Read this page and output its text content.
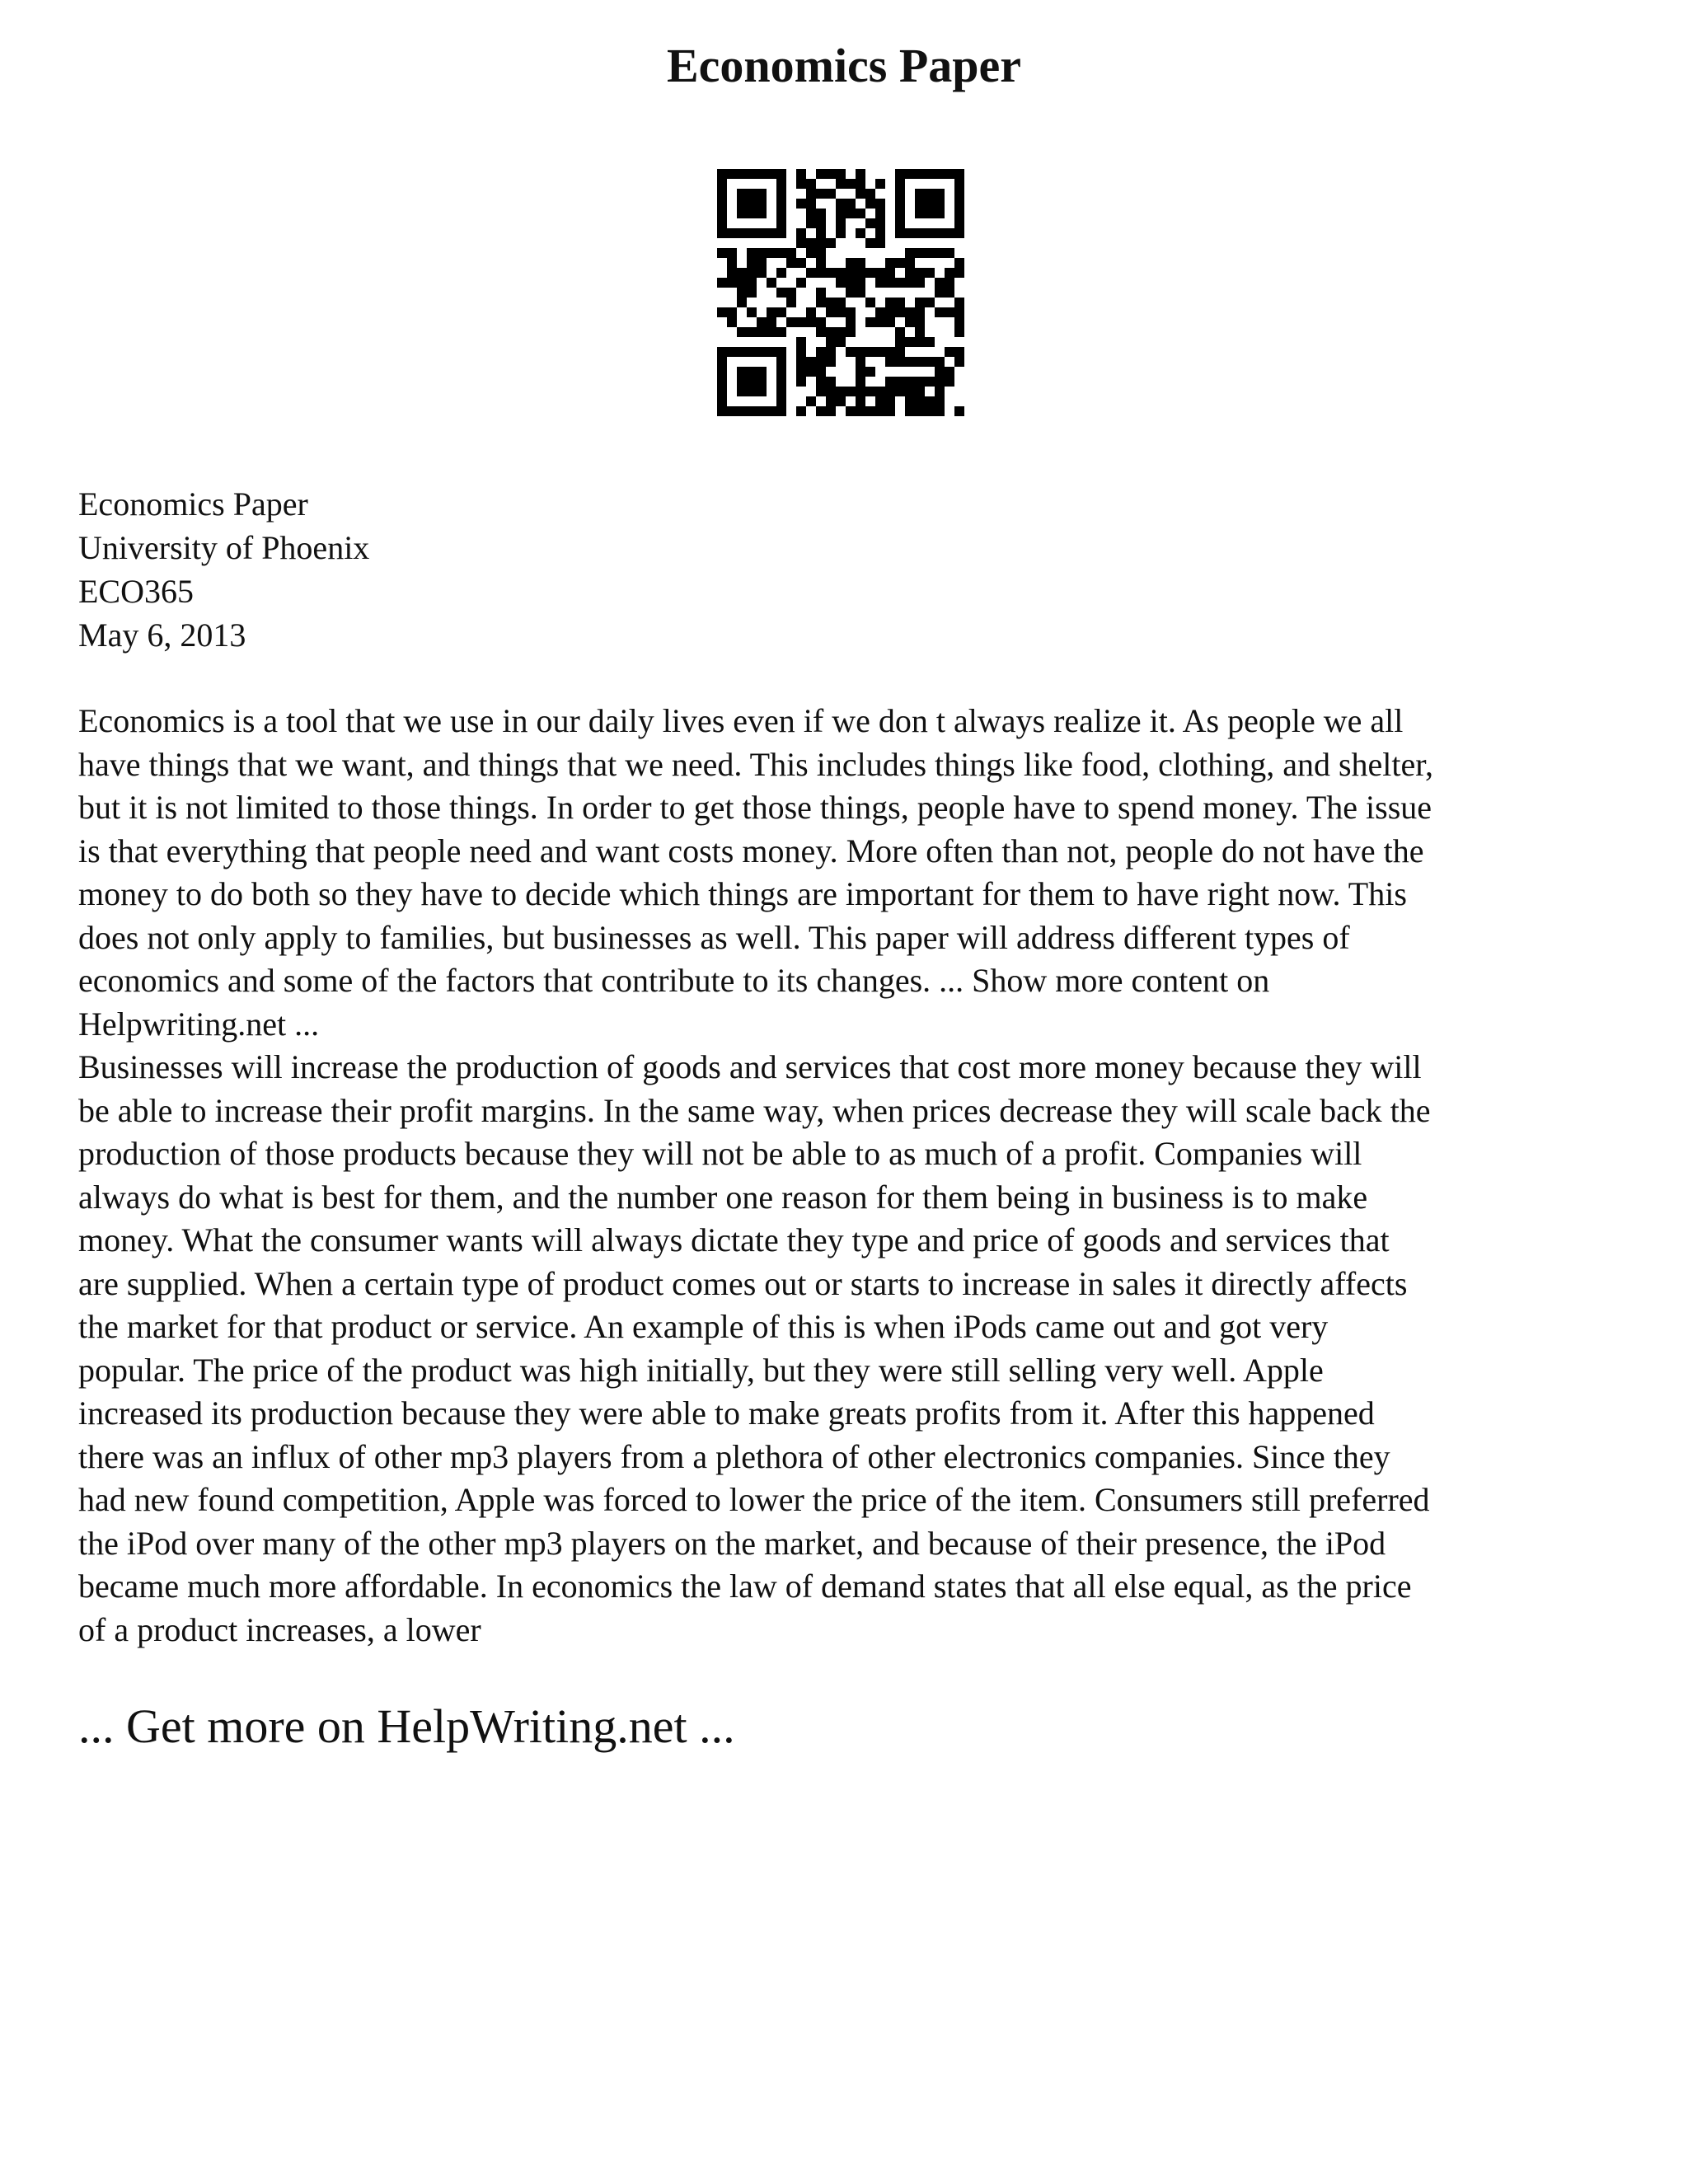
Economics Paper
Economics Paper
University of Phoenix
ECO365
May 6, 2013
Economics is a tool that we use in our daily lives even if we don t always realize it. As people we all
have things that we want, and things that we need. This includes things like food, clothing, and shelter,
but it is not limited to those things. In order to get those things, people have to spend money. The issue
is that everything that people need and want costs money. More often than not, people do not have the
money to do both so they have to decide which things are important for them to have right now. This
does not only apply to families, but businesses as well. This paper will address different types of
economics and some of the factors that contribute to its changes. ... Show more content on
Helpwriting.net ...
Businesses will increase the production of goods and services that cost more money because they will
be able to increase their profit margins. In the same way, when prices decrease they will scale back the
production of those products because they will not be able to as much of a profit. Companies will
always do what is best for them, and the number one reason for them being in business is to make
money. What the consumer wants will always dictate they type and price of goods and services that
are supplied. When a certain type of product comes out or starts to increase in sales it directly affects
the market for that product or service. An example of this is when iPods came out and got very
popular. The price of the product was high initially, but they were still selling very well. Apple
increased its production because they were able to make greats profits from it. After this happened
there was an influx of other mp3 players from a plethora of other electronics companies. Since they
had new found competition, Apple was forced to lower the price of the item. Consumers still preferred
the iPod over many of the other mp3 players on the market, and because of their presence, the iPod
became much more affordable. In economics the law of demand states that all else equal, as the price
of a product increases, a lower
... Get more on HelpWriting.net ...
